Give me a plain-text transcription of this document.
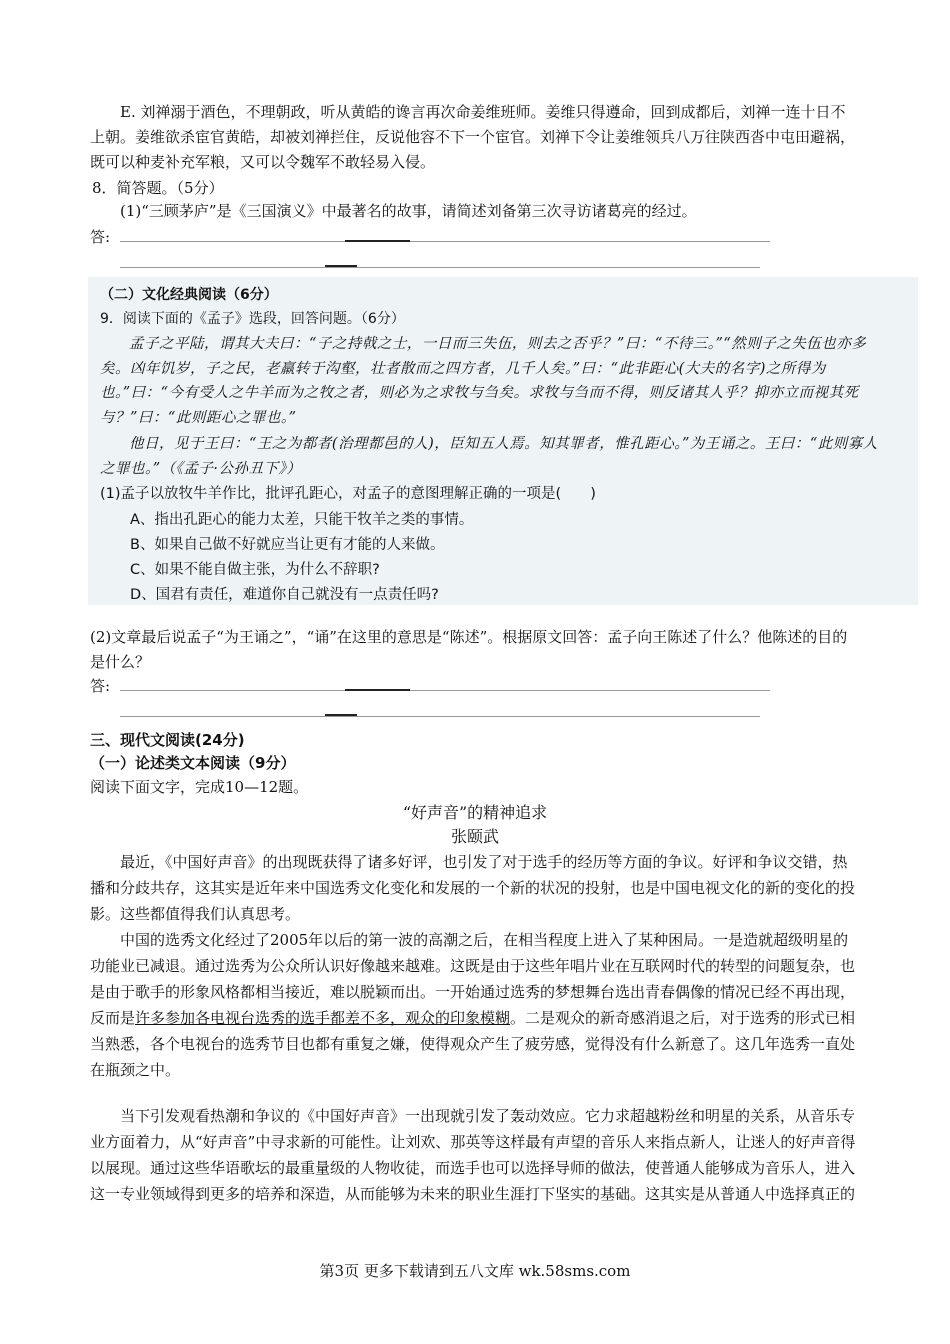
E. 刘禅溺于酒色，不理朝政，听从黄皓的谗言再次命姜维班师。姜维只得遵命，回到成都后，刘禅一连十日不上朝。姜维欲杀宦官黄皓，却被刘禅拦住，反说他容不下一个宦官。刘禅下令让姜维领兵八万往陕西沓中屯田避祸，既可以种麦补充军粮，又可以令魏军不敢轻易入侵。

8．简答题。（5分）

(1)“三顾茅庐”是《三国演义》中最著名的故事，请简述刘备第三次寻访诸葛亮的经过。

答:

（二）文化经典阅读（6分）

9．阅读下面的《孟子》选段，回答问题。（6分）

孟子之平陆，谓其大夫曰：“子之持戟之士，一日而三失伍，则去之否乎？”曰：“不待三。”“然则子之失伍也亦多矣。凶年饥岁，子之民，老羸转于沟壑，壮者散而之四方者，几千人矣。”曰：“此非距心(大夫的名字)之所得为也。”曰：“今有受人之牛羊而为之牧之者，则必为之求牧与刍矣。求牧与刍而不得，则反诸其人乎？抑亦立而视其死与？”曰：“此则距心之罪也。”

他日，见于王曰：“王之为都者(治理都邑的人)，臣知五人焉。知其罪者，惟孔距心。”为王诵之。王曰：“此则寡人之罪也。”（《孟子·公孙丑下》）

(1)孟子以放牧牛羊作比，批评孔距心，对孟子的意图理解正确的一项是(　　)

A、指出孔距心的能力太差，只能干牧羊之类的事情。

B、如果自己做不好就应当让更有才能的人来做。

C、如果不能自做主张，为什么不辞职?

D、国君有责任，难道你自己就没有一点责任吗?

(2)文章最后说孟子“为王诵之”，“诵”在这里的意思是“陈述”。根据原文回答：孟子向王陈述了什么？他陈述的目的是什么？

答:

三、现代文阅读(24分)

（一）论述类文本阅读（9分）

阅读下面文字，完成10—12题。

“好声音”的精神追求

张颐武

最近，《中国好声音》的出现既获得了诸多好评，也引发了对于选手的经历等方面的争议。好评和争议交错，热播和分歧共存，这其实是近年来中国选秀文化变化和发展的一个新的状况的投射，也是中国电视文化的新的变化的投影。这些都值得我们认真思考。

中国的选秀文化经过了2005年以后的第一波的高潮之后，在相当程度上进入了某种困局。一是造就超级明星的功能业已减退。通过选秀为公众所认识好像越来越难。这既是由于这些年唱片业在互联网时代的转型的问题复杂，也是由于歌手的形象风格都相当接近，难以脱颖而出。一开始通过选秀的梦想舞台选出青春偶像的情况已经不再出现，反而是许多参加各电视台选秀的选手都差不多，观众的印象模糊。二是观众的新奇感消退之后，对于选秀的形式已相当熟悉，各个电视台的选秀节目也都有重复之嫌，使得观众产生了疲劳感，觉得没有什么新意了。这几年选秀一直处在瓶颈之中。

当下引发观看热潮和争议的《中国好声音》一出现就引发了轰动效应。它力求超越粉丝和明星的关系，从音乐专业方面着力，从“好声音”中寻求新的可能性。让刘欢、那英等这样最有声望的音乐人来指点新人，让迷人的好声音得以展现。通过这些华语歌坛的最重量级的人物收徒，而选手也可以选择导师的做法，使普通人能够成为音乐人，进入这一专业领域得到更多的培养和深造，从而能够为未来的职业生涯打下坚实的基础。这其实是从普通人中选择真正的

第3页 更多下载请到五八文库 wk.58sms.com
